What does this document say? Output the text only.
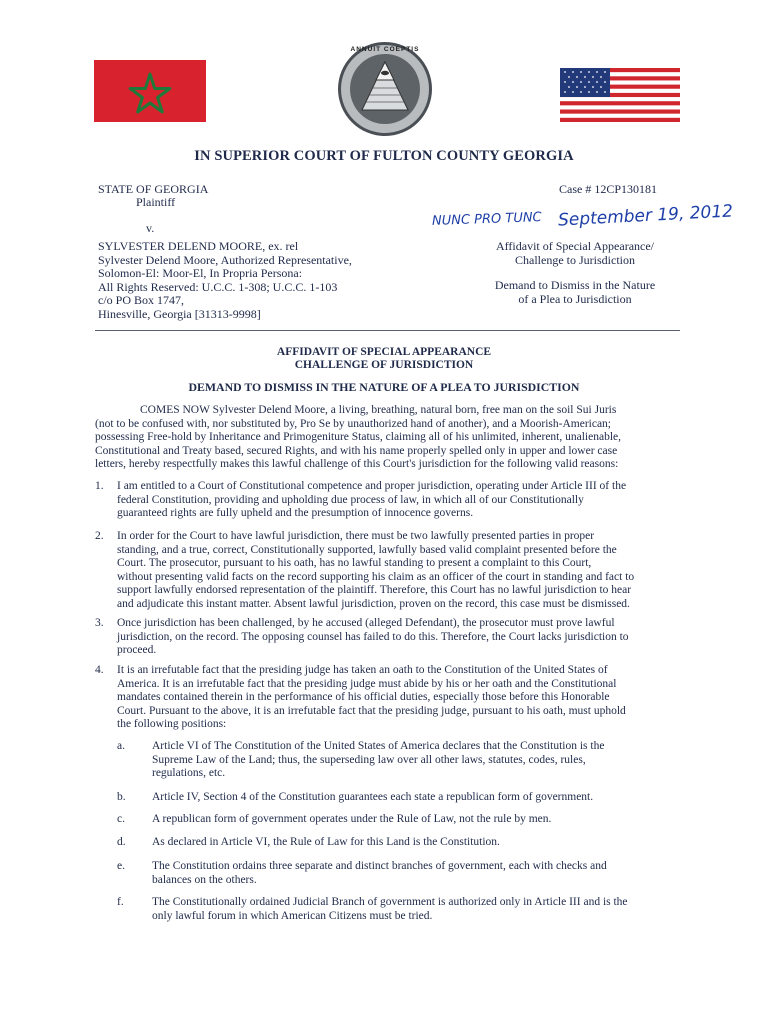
ANNUIT COEPTIS
IN SUPERIOR COURT OF FULTON COUNTY GEORGIA
STATE OF GEORGIA
Plaintiff
v.
SYLVESTER DELEND MOORE, ex. rel
Sylvester Delend Moore, Authorized Representative,
Solomon-El: Moor-El, In Propria Persona:
All Rights Reserved: U.C.C. 1-308; U.C.C. 1-103
c/o PO Box 1747,
Hinesville, Georgia [31313-9998]
Case # 12CP130181
NUNC PRO TUNC September 19, 2012
Affidavit of Special Appearance/
Challenge to Jurisdiction
Demand to Dismiss in the Nature
of a Plea to Jurisdiction
AFFIDAVIT OF SPECIAL APPEARANCE
CHALLENGE OF JURISDICTION
DEMAND TO DISMISS IN THE NATURE OF A PLEA TO JURISDICTION
COMES NOW Sylvester Delend Moore, a living, breathing, natural born, free man on the soil Sui Juris
(not to be confused with, nor substituted by, Pro Se by unauthorized hand of another), and a Moorish-American;
possessing Free-hold by Inheritance and Primogeniture Status, claiming all of his unlimited, inherent, unalienable,
Constitutional and Treaty based, secured Rights, and with his name properly spelled only in upper and lower case
letters, hereby respectfully makes this lawful challenge of this Court's jurisdiction for the following valid reasons:
1. I am entitled to a Court of Constitutional competence and proper jurisdiction, operating under Article III of the
federal Constitution, providing and upholding due process of law, in which all of our Constitutionally
guaranteed rights are fully upheld and the presumption of innocence governs.
2. In order for the Court to have lawful jurisdiction, there must be two lawfully presented parties in proper
standing, and a true, correct, Constitutionally supported, lawfully based valid complaint presented before the
Court. The prosecutor, pursuant to his oath, has no lawful standing to present a complaint to this Court,
without presenting valid facts on the record supporting his claim as an officer of the court in standing and fact to
support lawfully endorsed representation of the plaintiff. Therefore, this Court has no lawful jurisdiction to hear
and adjudicate this instant matter. Absent lawful jurisdiction, proven on the record, this case must be dismissed.
3. Once jurisdiction has been challenged, by he accused (alleged Defendant), the prosecutor must prove lawful
jurisdiction, on the record. The opposing counsel has failed to do this. Therefore, the Court lacks jurisdiction to
proceed.
4. It is an irrefutable fact that the presiding judge has taken an oath to the Constitution of the United States of
America. It is an irrefutable fact that the presiding judge must abide by his or her oath and the Constitutional
mandates contained therein in the performance of his official duties, especially those before this Honorable
Court. Pursuant to the above, it is an irrefutable fact that the presiding judge, pursuant to his oath, must uphold
the following positions:
a. Article VI of The Constitution of the United States of America declares that the Constitution is the
Supreme Law of the Land; thus, the superseding law over all other laws, statutes, codes, rules,
regulations, etc.
b. Article IV, Section 4 of the Constitution guarantees each state a republican form of government.
c. A republican form of government operates under the Rule of Law, not the rule by men.
d. As declared in Article VI, the Rule of Law for this Land is the Constitution.
e. The Constitution ordains three separate and distinct branches of government, each with checks and
balances on the others.
f. The Constitutionally ordained Judicial Branch of government is authorized only in Article III and is the
only lawful forum in which American Citizens must be tried.
